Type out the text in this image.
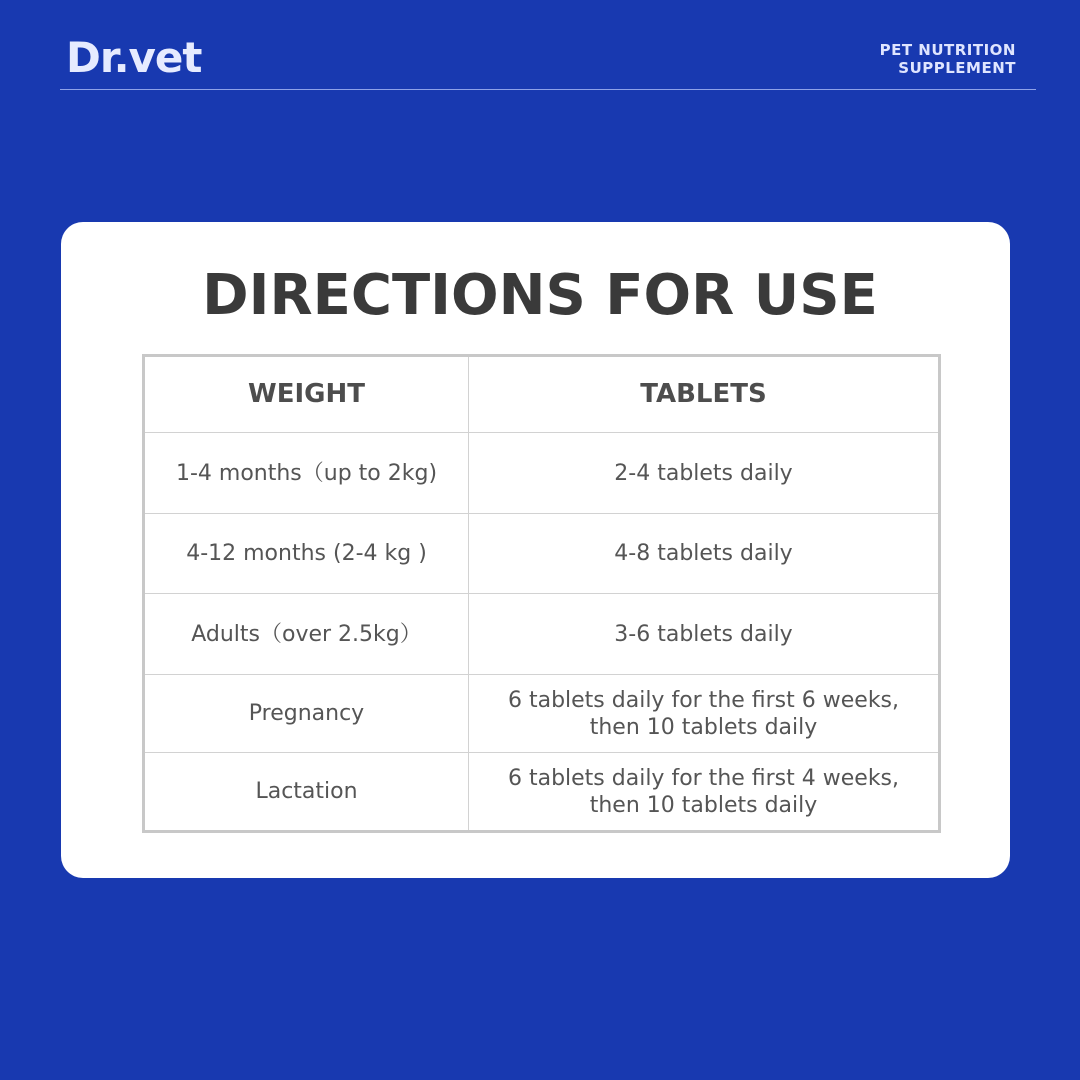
Dr.vet	PET NUTRITION
SUPPLEMENT
DIRECTIONS FOR USE
WEIGHT	TABLETS
1-4 months（up to 2kg)	2-4 tablets daily

4-12 months (2-4 kg )	4-8 tablets daily

Adults（over 2.5kg）	3-6 tablets daily

Pregnancy	6 tablets daily for the first 6 weeks,
then 10 tablets daily

Lactation	6 tablets daily for the first 4 weeks,
then 10 tablets daily
